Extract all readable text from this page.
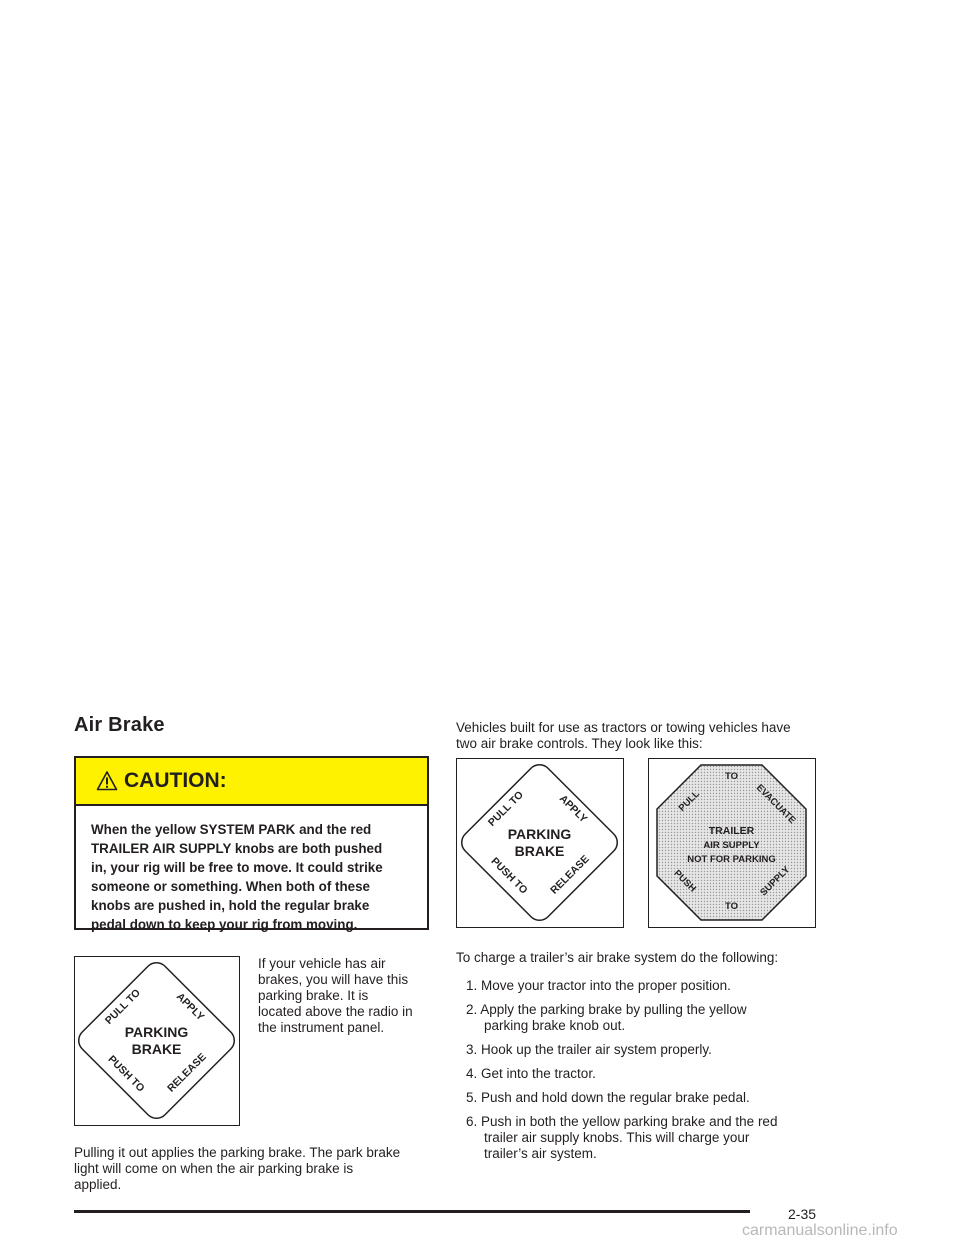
Air Brake
CAUTION:
When the yellow SYSTEM PARK and the red
TRAILER AIR SUPPLY knobs are both pushed
in, your rig will be free to move. It could strike
someone or something. When both of these
knobs are pushed in, hold the regular brake
pedal down to keep your rig from moving.
PARKING
BRAKE
PULL TO	APPLY
PUSH TO RELEASE
If your vehicle has air
brakes, you will have this
parking brake. It is
located above the radio in
the instrument panel.
Pulling it out applies the parking brake. The park brake
light will come on when the air parking brake is
applied.
Vehicles built for use as tractors or towing vehicles have
two air brake controls. They look like this:
PARKING
BRAKE
PULL TO	APPLY
PUSH TO RELEASE
PULL
TO
EVACUATE
TRAILER
AIR SUPPLY
NOT FOR PARKING
PUSH
TO
SUPPLY
To charge a trailer’s air brake system do the following:
1. Move your tractor into the proper position.
2. Apply the parking brake by pulling the yellow
parking brake knob out.
3. Hook up the trailer air system properly.
4. Get into the tractor.
5. Push and hold down the regular brake pedal.
6. Push in both the yellow parking brake and the red
trailer air supply knobs. This will charge your
trailer’s air system.
2-35
carmanualsonline.info
